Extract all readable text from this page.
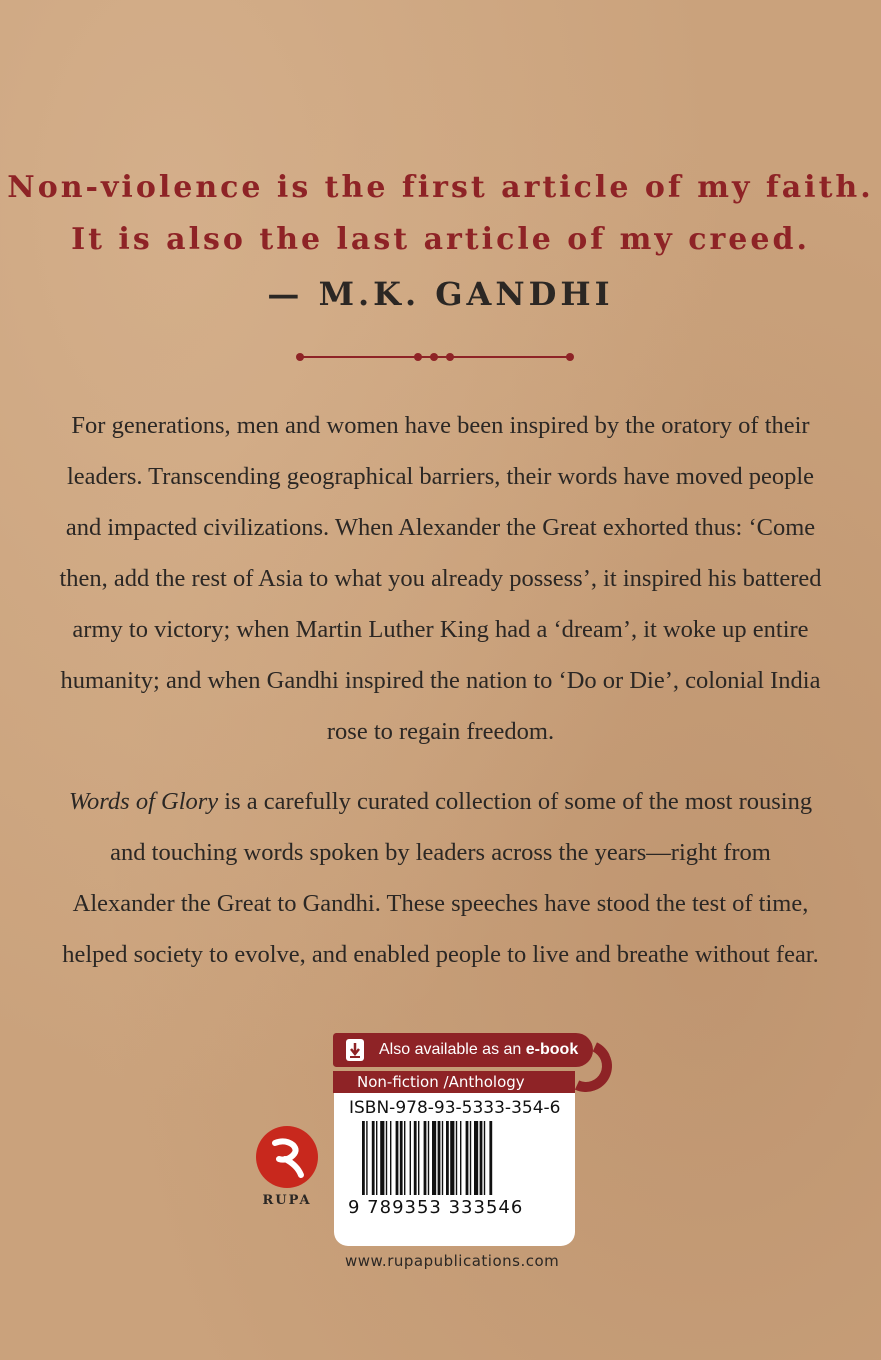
Non-violence is the first article of my faith.
It is also the last article of my creed.
— M.K. GANDHI

For generations, men and women have been inspired by the oratory of their leaders. Transcending geographical barriers, their words have moved people and impacted civilizations. When Alexander the Great exhorted thus: ‘Come then, add the rest of Asia to what you already possess’, it inspired his battered army to victory; when Martin Luther King had a ‘dream’, it woke up entire humanity; and when Gandhi inspired the nation to ‘Do or Die’, colonial India rose to regain freedom.

Words of Glory is a carefully curated collection of some of the most rousing and touching words spoken by leaders across the years—right from Alexander the Great to Gandhi. These speeches have stood the test of time, helped society to evolve, and enabled people to live and breathe without fear.

Also available as an e-book
Non-fiction /Anthology
ISBN-978-93-5333-354-6
9 789353 333546
RUPA
www.rupapublications.com
